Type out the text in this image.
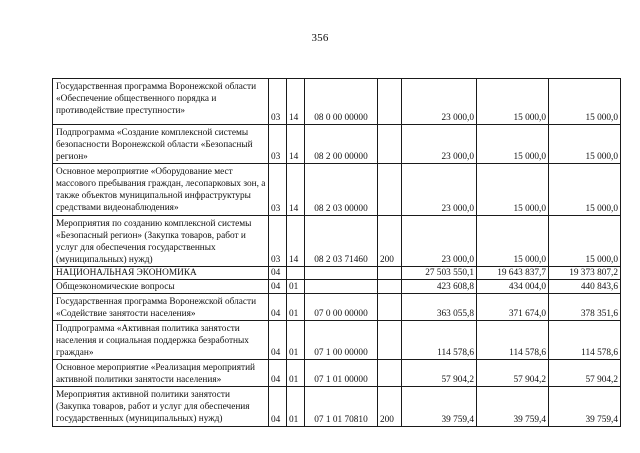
356
Государственная программа Воронежской области «Обеспечение общественного порядка и противодействие преступности»	03	14	08 0 00 00000		23 000,0	15 000,0	15 000,0

Подпрограмма «Создание комплексной системы безопасности Воронежской области «Безопасный регион»	03	14	08 2 00 00000		23 000,0	15 000,0	15 000,0

Основное мероприятие «Оборудование мест массового пребывания граждан, лесопарковых зон, а также объектов муниципальной инфраструктуры средствами видеонаблюдения»	03	14	08 2 03 00000		23 000,0	15 000,0	15 000,0

Мероприятия по созданию комплексной системы «Безопасный регион» (Закупка товаров, работ и услуг для обеспечения государственных (муниципальных) нужд)	03	14	08 2 03 71460	200	23 000,0	15 000,0	15 000,0

НАЦИОНАЛЬНАЯ ЭКОНОМИКА	04				27 503 550,1	19 643 837,7	19 373 807,2

Общеэкономические вопросы	04	01			423 608,8	434 004,0	440 843,6

Государственная программа Воронежской области «Содействие занятости населения»	04	01	07 0 00 00000		363 055,8	371 674,0	378 351,6

Подпрограмма «Активная политика занятости населения и социальная поддержка безработных граждан»	04	01	07 1 00 00000		114 578,6	114 578,6	114 578,6

Основное мероприятие «Реализация мероприятий активной политики занятости населения»	04	01	07 1 01 00000		57 904,2	57 904,2	57 904,2

Мероприятия активной политики занятости (Закупка товаров, работ и услуг для обеспечения государственных (муниципальных) нужд)	04	01	07 1 01 70810	200	39 759,4	39 759,4	39 759,4
